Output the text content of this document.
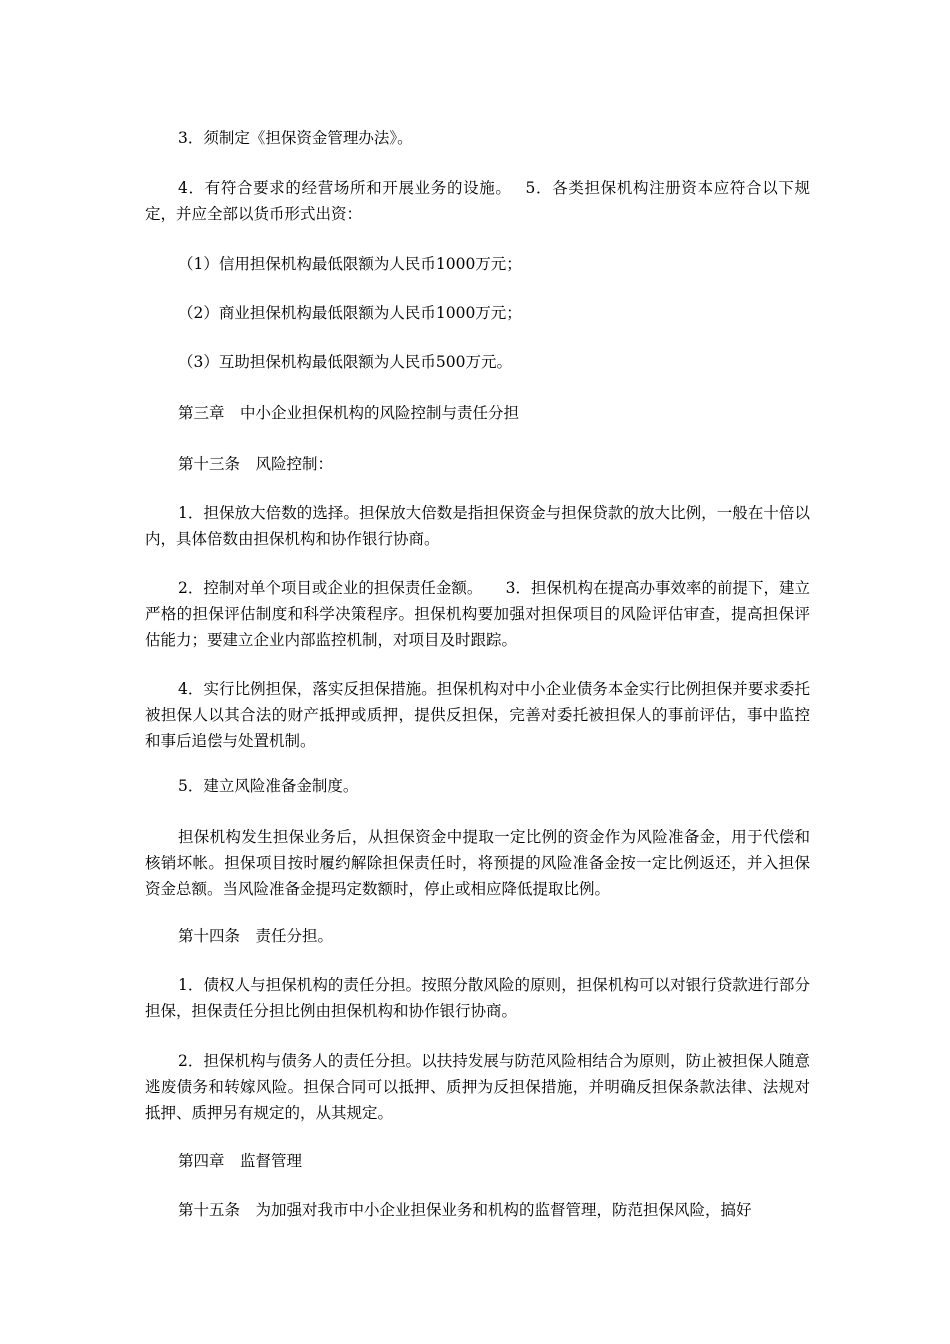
3．须制定《担保资金管理办法》。

4．有符合要求的经营场所和开展业务的设施。　 5．各类担保机构注册资本应符合以下规定，并应全部以货币形式出资：

（1）信用担保机构最低限额为人民币1000万元；

（2）商业担保机构最低限额为人民币1000万元；

（3）互助担保机构最低限额为人民币500万元。

第三章　中小企业担保机构的风险控制与责任分担

第十三条　风险控制：

1．担保放大倍数的选择。担保放大倍数是指担保资金与担保贷款的放大比例，一般在十倍以内，具体倍数由担保机构和协作银行协商。

2．控制对单个项目或企业的担保责任金额。　　3．担保机构在提高办事效率的前提下，建立严格的担保评估制度和科学决策程序。担保机构要加强对担保项目的风险评估审查，提高担保评估能力；要建立企业内部监控机制，对项目及时跟踪。

4．实行比例担保，落实反担保措施。担保机构对中小企业债务本金实行比例担保并要求委托被担保人以其合法的财产抵押或质押，提供反担保，完善对委托被担保人的事前评估，事中监控和事后追偿与处置机制。

5．建立风险准备金制度。

担保机构发生担保业务后，从担保资金中提取一定比例的资金作为风险准备金，用于代偿和核销坏帐。担保项目按时履约解除担保责任时，将预提的风险准备金按一定比例返还，并入担保资金总额。当风险准备金提玛定数额时，停止或相应降低提取比例。

第十四条　责任分担。

1．债权人与担保机构的责任分担。按照分散风险的原则，担保机构可以对银行贷款进行部分担保，担保责任分担比例由担保机构和协作银行协商。

2．担保机构与债务人的责任分担。以扶持发展与防范风险相结合为原则，防止被担保人随意逃废债务和转嫁风险。担保合同可以抵押、质押为反担保措施，并明确反担保条款法律、法规对抵押、质押另有规定的，从其规定。

第四章　监督管理

第十五条　为加强对我市中小企业担保业务和机构的监督管理，防范担保风险，搞好
